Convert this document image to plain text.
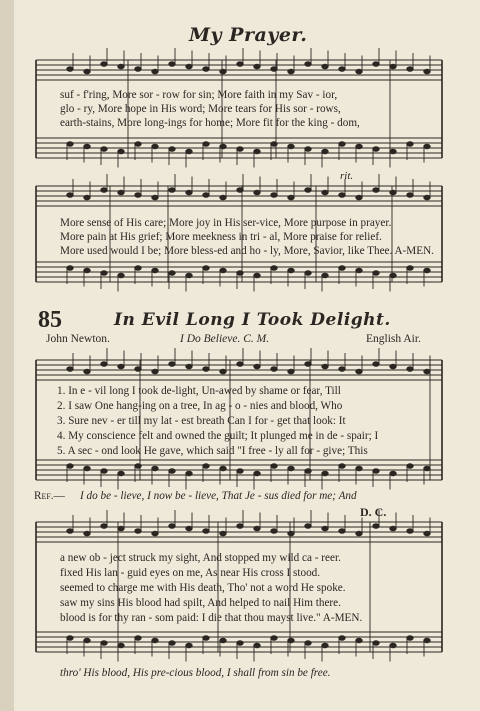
My Prayer.
suf - f'ring, More sor - row for sin; More faith in my Sav - ior,
glo - ry, More hope in His word; More tears for His sor - rows,
earth-stains, More long-ings for home; More fit for the king - dom,
rit.
More sense of His care; More joy in His ser-vice, More purpose in prayer.
More pain at His grief; More meekness in tri - al, More praise for relief.
More used would I be; More bless-ed and ho - ly, More, Savior, like Thee. A-MEN.
85	In Evil Long I Took Delight.
John Newton.	I Do Believe. C. M.	English Air.
1. In e - vil long I took de-light, Un-awed by shame or fear, Till
2. I saw One hang-ing on a tree, In ag - o - nies and blood, Who
3. Sure nev - er till my lat - est breath Can I for - get that look: It
4. My conscience felt and owned the guilt; It plunged me in de - spair; I
5. A sec - ond look He gave, which said "I free - ly all for - give; This
Ref.— I do be - lieve, I now be - lieve, That Je - sus died for me; And
D. C.
a new ob - ject struck my sight, And stopped my wild ca - reer.
fixed His lan - guid eyes on me, As near His cross I stood.
seemed to charge me with His death, Tho' not a word He spoke.
saw my sins His blood had spilt, And helped to nail Him there.
blood is for thy ran - som paid: I die that thou mayst live." A-MEN.
thro' His blood, His pre-cious blood, I shall from sin be free.
